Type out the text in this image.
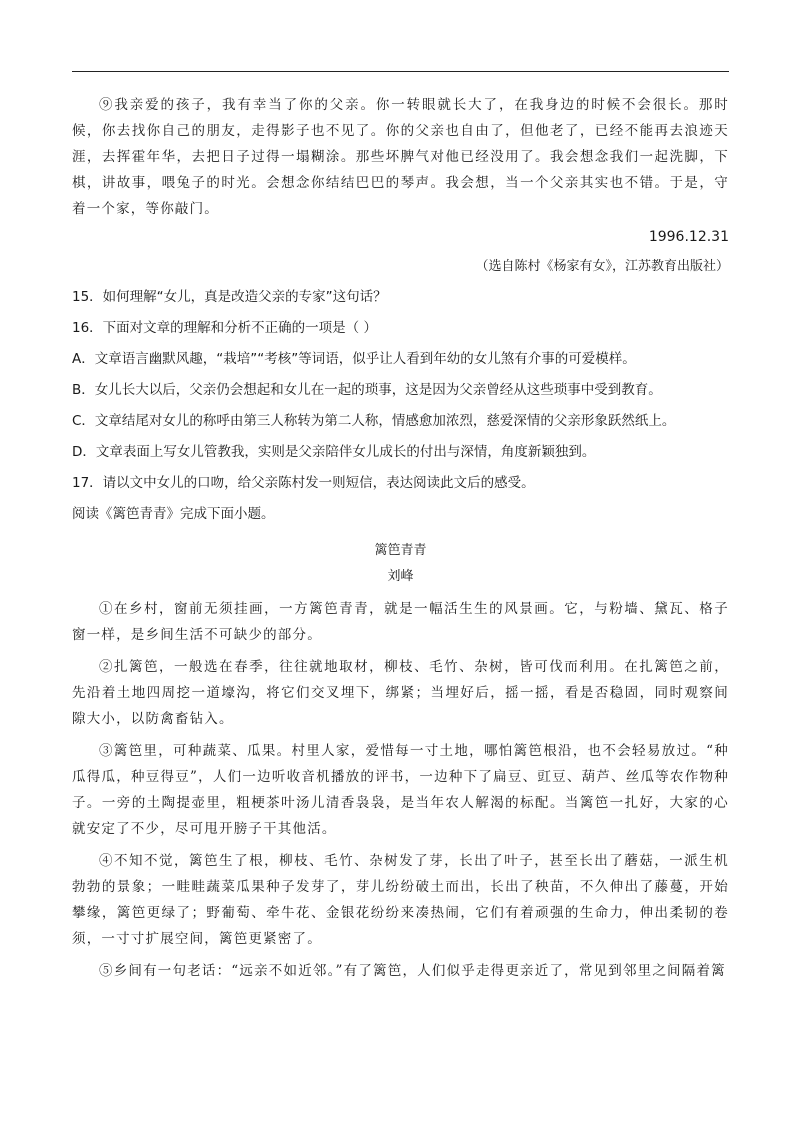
⑨我亲爱的孩子，我有幸当了你的父亲。你一转眼就长大了，在我身边的时候不会很长。那时候，你去找你自己的朋友，走得影子也不见了。你的父亲也自由了，但他老了，已经不能再去浪迹天涯，去挥霍年华，去把日子过得一塌糊涂。那些坏脾气对他已经没用了。我会想念我们一起洗脚，下棋，讲故事，喂兔子的时光。会想念你结结巴巴的琴声。我会想，当一个父亲其实也不错。于是，守着一个家，等你敲门。

1996.12.31

（选自陈村《杨家有女》，江苏教育出版社）

15．如何理解“女儿，真是改造父亲的专家”这句话？

16．下面对文章的理解和分析不正确的一项是（ ）

A．文章语言幽默风趣，“栽培”“考核”等词语，似乎让人看到年幼的女儿煞有介事的可爱模样。

B．女儿长大以后，父亲仍会想起和女儿在一起的琐事，这是因为父亲曾经从这些琐事中受到教育。

C．文章结尾对女儿的称呼由第三人称转为第二人称，情感愈加浓烈，慈爱深情的父亲形象跃然纸上。

D．文章表面上写女儿管教我，实则是父亲陪伴女儿成长的付出与深情，角度新颖独到。

17．请以文中女儿的口吻，给父亲陈村发一则短信，表达阅读此文后的感受。

阅读《篱笆青青》完成下面小题。

篱笆青青

刘峰

①在乡村，窗前无须挂画，一方篱笆青青，就是一幅活生生的风景画。它，与粉墙、黛瓦、格子窗一样，是乡间生活不可缺少的部分。

②扎篱笆，一般选在春季，往往就地取材，柳枝、毛竹、杂树，皆可伐而利用。在扎篱笆之前，先沿着土地四周挖一道壕沟，将它们交叉埋下，绑紧；当埋好后，摇一摇，看是否稳固，同时观察间隙大小，以防禽畜钻入。

③篱笆里，可种蔬菜、瓜果。村里人家，爱惜每一寸土地，哪怕篱笆根沿，也不会轻易放过。“种瓜得瓜，种豆得豆”，人们一边听收音机播放的评书，一边种下了扁豆、豇豆、葫芦、丝瓜等农作物种子。一旁的土陶提壶里，粗梗茶叶汤儿清香袅袅，是当年农人解渴的标配。当篱笆一扎好，大家的心就安定了不少，尽可甩开膀子干其他活。

④不知不觉，篱笆生了根，柳枝、毛竹、杂树发了芽，长出了叶子，甚至长出了蘑菇，一派生机勃勃的景象；一畦畦蔬菜瓜果种子发芽了，芽儿纷纷破土而出，长出了秧苗，不久伸出了藤蔓，开始攀缘，篱笆更绿了；野葡萄、牵牛花、金银花纷纷来凑热闹，它们有着顽强的生命力，伸出柔韧的卷须，一寸寸扩展空间，篱笆更紧密了。

⑤乡间有一句老话：“远亲不如近邻。”有了篱笆，人们似乎走得更亲近了，常见到邻里之间隔着篱
